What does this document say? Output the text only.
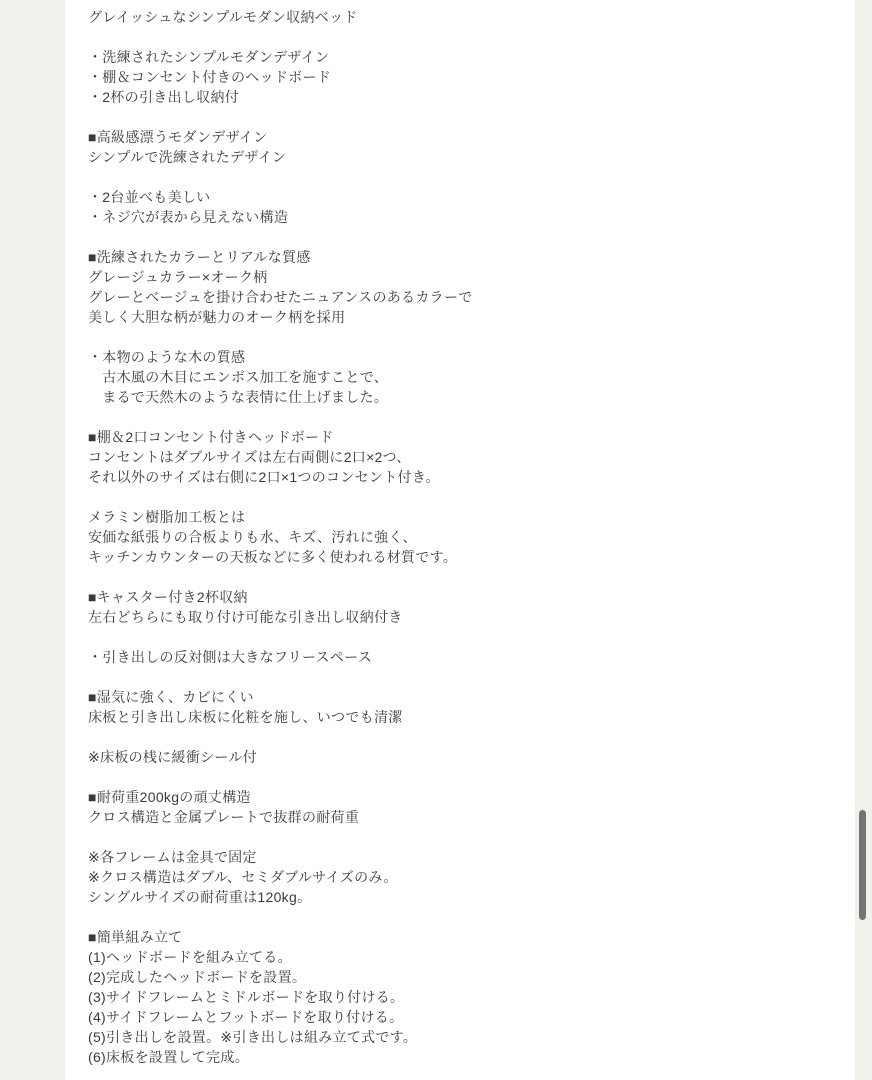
グレイッシュなシンプルモダン収納ベッド

・洗練されたシンプルモダンデザイン

・棚＆コンセント付きのヘッドボード

・2杯の引き出し収納付

■高級感漂うモダンデザイン

シンプルで洗練されたデザイン

・2台並べも美しい

・ネジ穴が表から見えない構造

■洗練されたカラーとリアルな質感

グレージュカラー×オーク柄

グレーとベージュを掛け合わせたニュアンスのあるカラーで

美しく大胆な柄が魅力のオーク柄を採用

・本物のような木の質感

　古木風の木目にエンボス加工を施すことで、

　まるで天然木のような表情に仕上げました。

■棚＆2口コンセント付きヘッドボード

コンセントはダブルサイズは左右両側に2口×2つ、

それ以外のサイズは右側に2口×1つのコンセント付き。

メラミン樹脂加工板とは

安価な紙張りの合板よりも水、キズ、汚れに強く、

キッチンカウンターの天板などに多く使われる材質です。

■キャスター付き2杯収納

左右どちらにも取り付け可能な引き出し収納付き

・引き出しの反対側は大きなフリースペース

■湿気に強く、カビにくい

床板と引き出し床板に化粧を施し、いつでも清潔

※床板の桟に緩衝シール付

■耐荷重200kgの頑丈構造

クロス構造と金属プレートで抜群の耐荷重

※各フレームは金具で固定

※クロス構造はダブル、セミダブルサイズのみ。

シングルサイズの耐荷重は120kg。

■簡単組み立て

(1)ヘッドボードを組み立てる。

(2)完成したヘッドボードを設置。

(3)サイドフレームとミドルボードを取り付ける。

(4)サイドフレームとフットボードを取り付ける。

(5)引き出しを設置。※引き出しは組み立て式です。

(6)床板を設置して完成。
